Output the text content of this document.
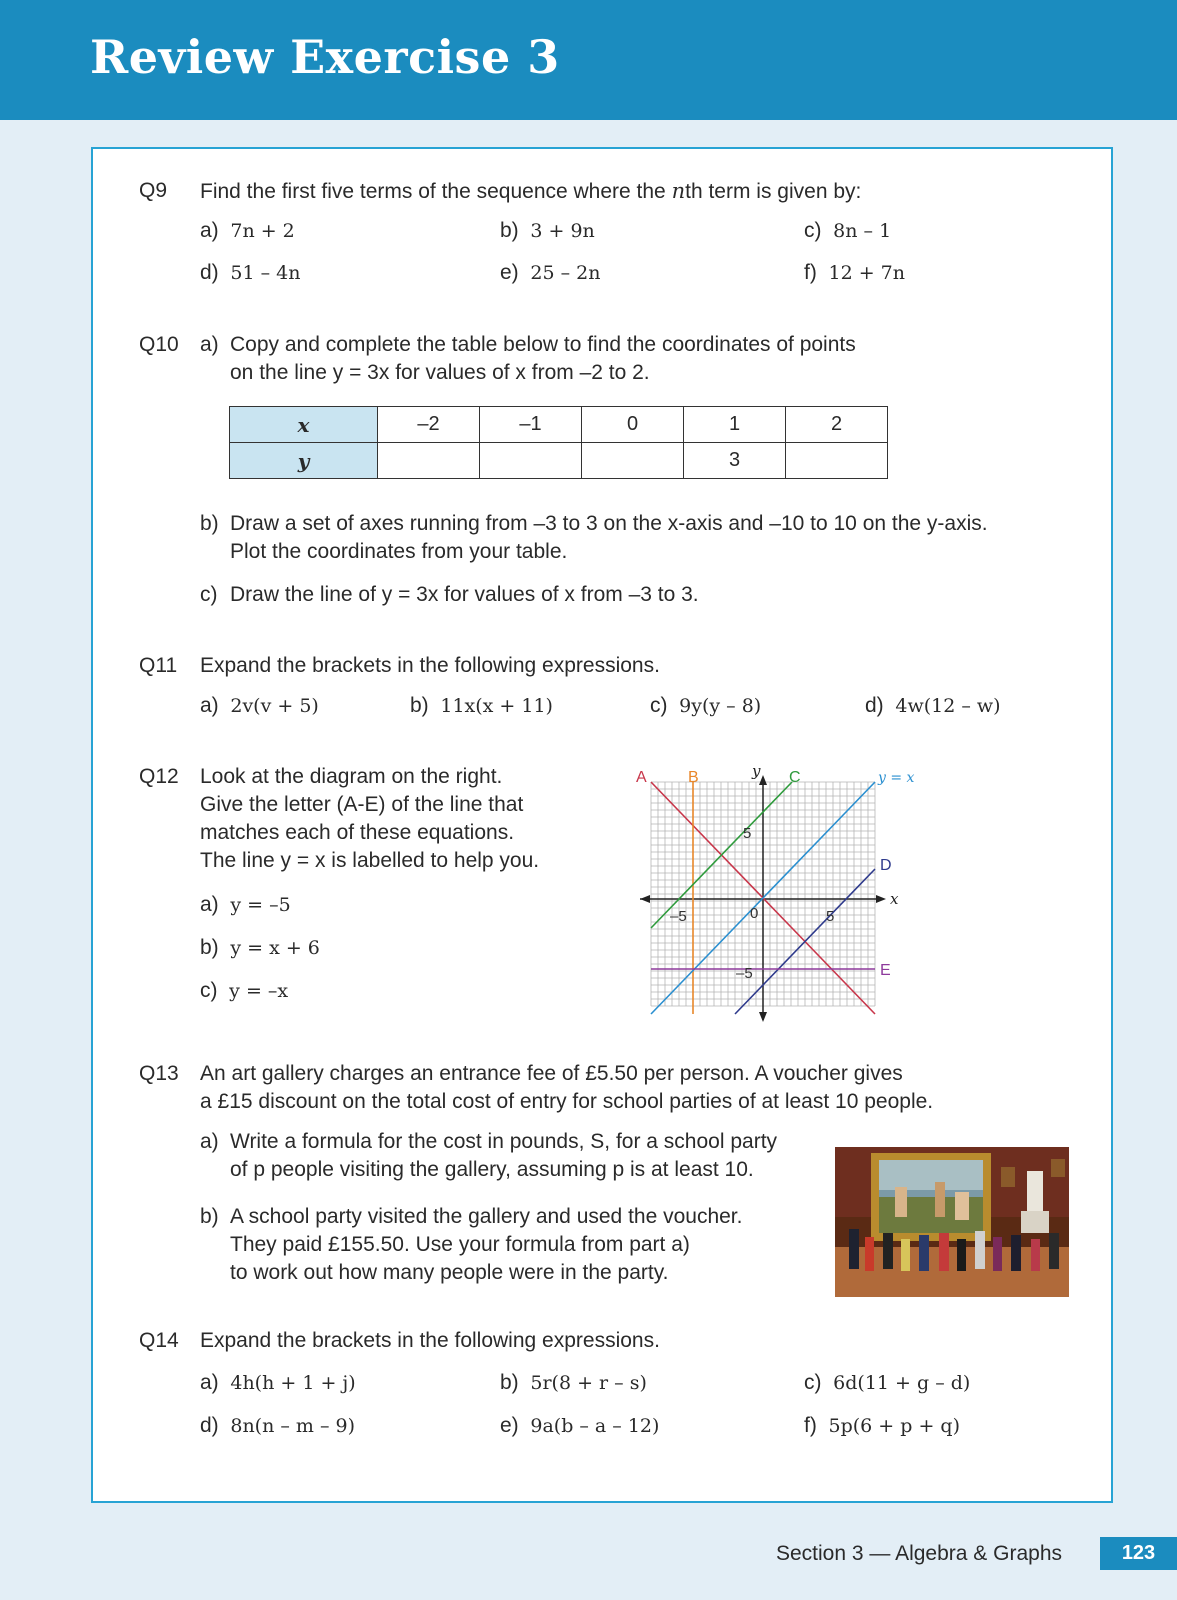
Review Exercise 3
Q9 Find the first five terms of the sequence where the nth term is given by:
a) 7n + 2	b) 3 + 9n	c) 8n – 1
d) 51 – 4n	e) 25 – 2n	f) 12 + 7n
Q10 a) Copy and complete the table below to find the coordinates of points
on the line y = 3x for values of x from –2 to 2.
x	–2	–1	0	1	2
y				3	
b) Draw a set of axes running from –3 to 3 on the x-axis and –10 to 10 on the y-axis.
Plot the coordinates from your table.
c) Draw the line of y = 3x for values of x from –3 to 3.
Q11 Expand the brackets in the following expressions.
a) 2v(v + 5)	b) 11x(x + 11)	c) 9y(y – 8)	d) 4w(12 – w)
Q12 Look at the diagram on the right.
Give the letter (A-E) of the line that
matches each of these equations.
The line y = x is labelled to help you.
a) y = –5
b) y = x + 6
c) y = –x
A	B	C	y = x
D
E
y
x
5
–5
–5	5
0
Q13 An art gallery charges an entrance fee of £5.50 per person. A voucher gives
a £15 discount on the total cost of entry for school parties of at least 10 people.
a) Write a formula for the cost in pounds, S, for a school party
of p people visiting the gallery, assuming p is at least 10.
b) A school party visited the gallery and used the voucher.
They paid £155.50. Use your formula from part a)
to work out how many people were in the party.
Q14 Expand the brackets in the following expressions.
a) 4h(h + 1 + j)	b) 5r(8 + r – s)	c) 6d(11 + g – d)
d) 8n(n – m – 9)	e) 9a(b – a – 12)	f) 5p(6 + p + q)
Section 3 — Algebra & Graphs	123
